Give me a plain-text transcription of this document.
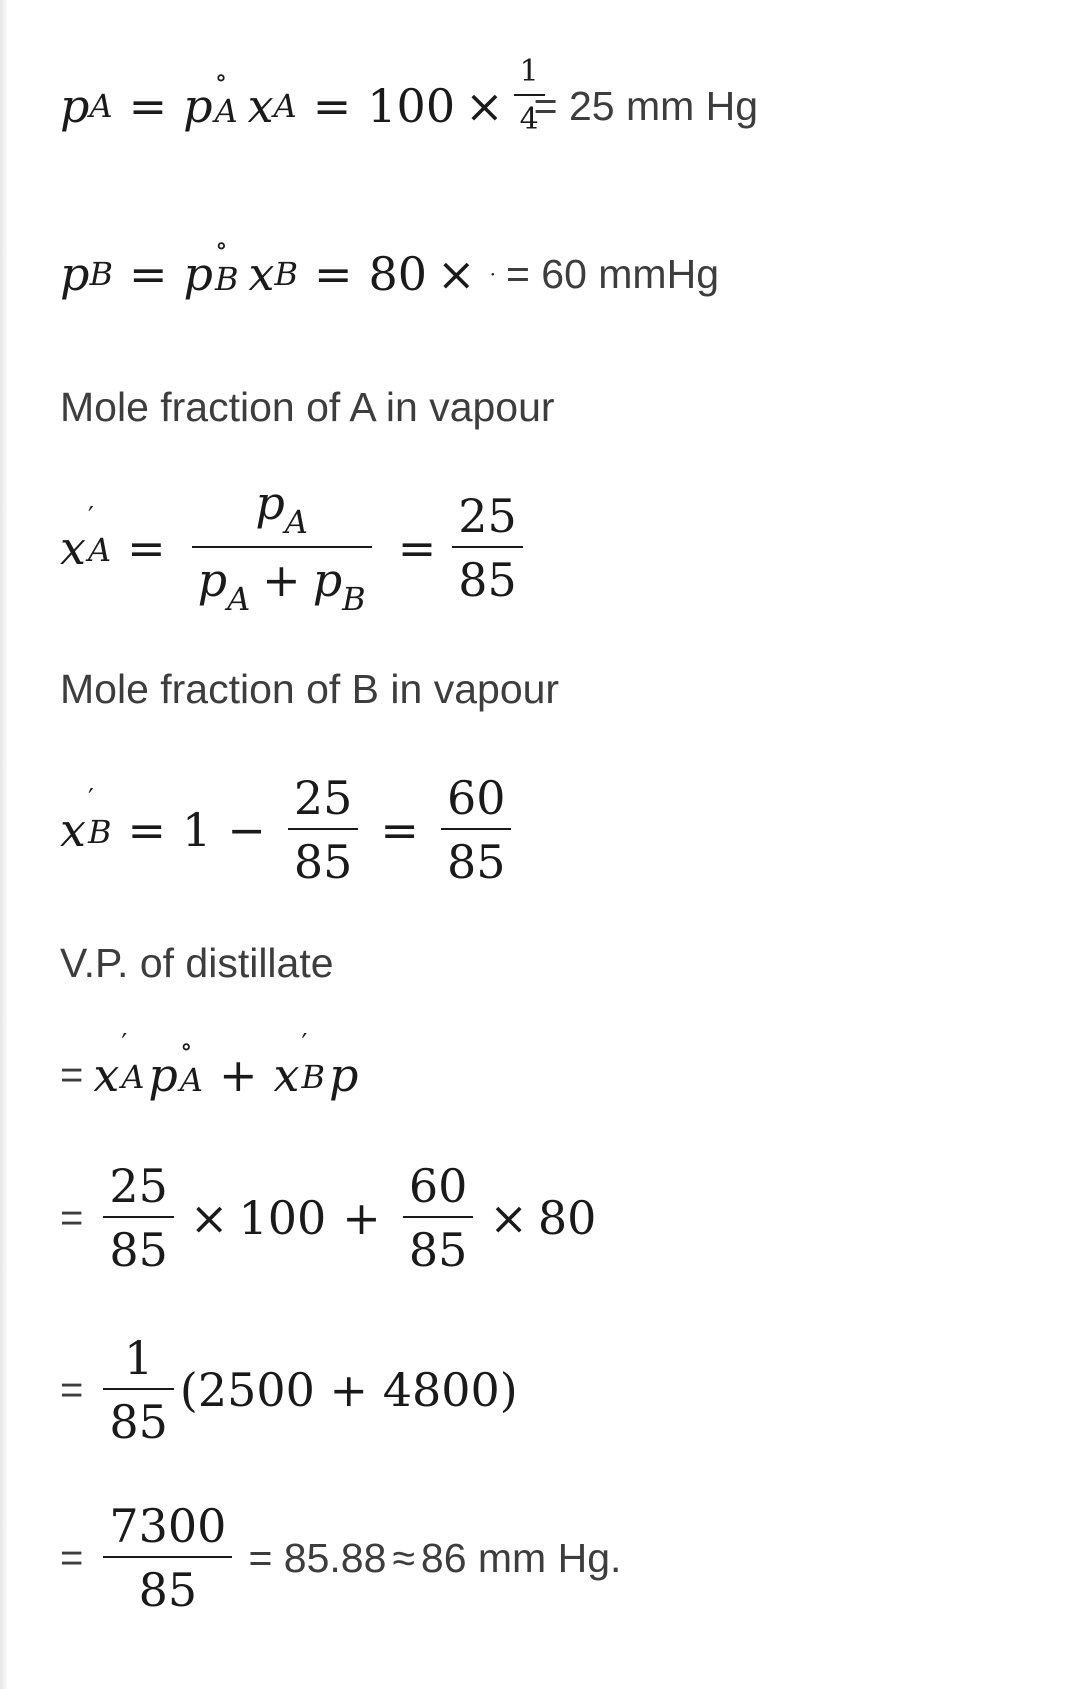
p A = p
∘
A x $A = 100 \times \frac{1}{4}$
= 25 mm Hg
p B = p
∘
B x B = 80 × · = 60 mmHg
Mole fraction of A in vapour
x
′
$A = \frac{p_A}{p_A + p_B} = \frac{25}{85}$
Mole fraction of B in vapour
x
′
$B = 1 - \frac{25}{85} = \frac{60}{85}$
V.P. of distillate
= x
′
A p
∘
A + x
′
B p
= $\frac{25}{85} \times 100 + \frac{60}{85} \times 80$
= $\frac{1}{85} (2500 + 4800)$
= $\frac{7300}{85} = 85.88 \approx 86$ mm Hg.
